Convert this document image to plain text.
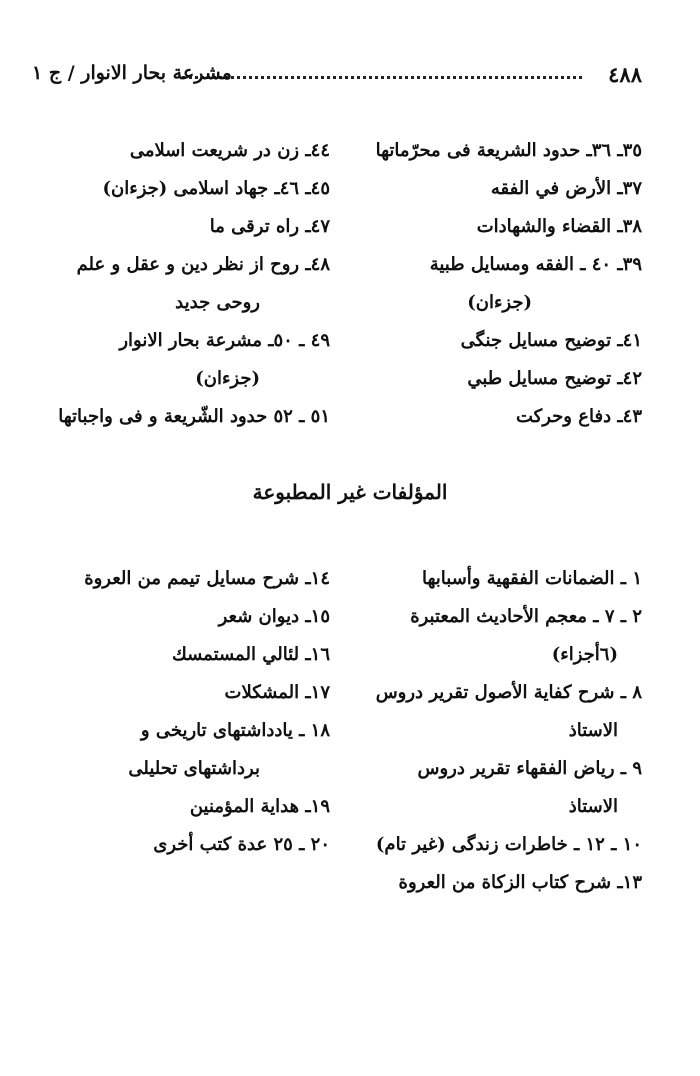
٤٨٨
مشرعة بحار الانوار / ج ١
٣٥ـ ٣٦ـ حدود الشريعة فى محرّماتها
٣٧ـ الأرض في الفقه
٣٨ـ القضاء والشهادات
٣٩ـ ٤٠ ـ الفقه ومسايل طبية
(جزءان)
٤١ـ توضيح مسايل جنگى
٤٢ـ توضيح مسايل طبي
٤٣ـ دفاع وحركت
٤٤ـ زن در شريعت اسلامى
٤٥ـ ٤٦ـ جهاد اسلامى (جزءان)
٤٧ـ راه ترقى ما
٤٨ـ روح از نظر دين و عقل و علم
روحى جديد
٤٩ ـ ٥٠ـ مشرعة بحار الانوار
(جزءان)
٥١ ـ ٥٢ حدود الشّريعة و فى واجباتها
المؤلفات غير المطبوعة
١ ـ الضمانات الفقهية وأسبابها
٢ ـ ٧ ـ معجم الأحاديث المعتبرة
(٦أجزاء)
٨ ـ شرح كفاية الأصول تقرير دروس
الاستاذ
٩ ـ رياض الفقهاء تقرير دروس
الاستاذ
١٠ ـ ١٢ ـ خاطرات زندگى (غير تام)
١٣ـ شرح كتاب الزكاة من العروة
١٤ـ شرح مسايل تيمم من العروة
١٥ـ ديوان شعر
١٦ـ لئالي المستمسك
١٧ـ المشكلات
١٨ ـ يادداشتهاى تاريخى و
برداشتهاى تحليلى
١٩ـ هداية المؤمنين
٢٠ ـ ٢٥ عدة كتب أخرى
